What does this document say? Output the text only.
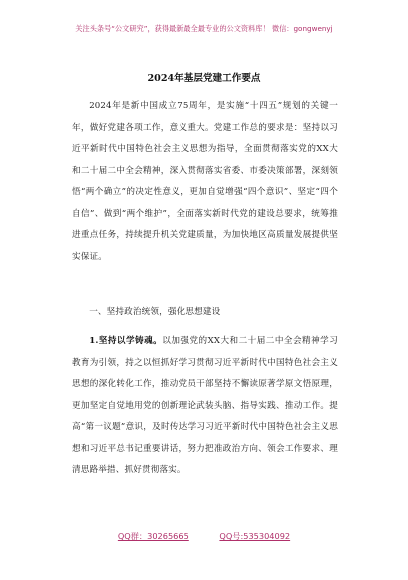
关注头条号“公文研究”，获得最新最全最专业的公文资料库！ 微信：gongwenyj
2024年基层党建工作要点

2024年是新中国成立75周年，是实施“十四五”规划的关键一年，做好党建各项工作，意义重大。党建工作总的要求是：坚持以习近平新时代中国特色社会主义思想为指导，全面贯彻落实党的XX大和二十届二中全会精神，深入贯彻落实省委、市委决策部署，深刻领悟“两个确立”的决定性意义，更加自觉增强“四个意识”、坚定“四个自信”、做到“两个维护”，全面落实新时代党的建设总要求，统筹推进重点任务，持续提升机关党建质量，为加快地区高质量发展提供坚实保证。

一、坚持政治统领，强化思想建设

1.坚持以学铸魂。以加强党的XX大和二十届二中全会精神学习教育为引领，持之以恒抓好学习贯彻习近平新时代中国特色社会主义思想的深化转化工作，推动党员干部坚持不懈读原著学原文悟原理，更加坚定自觉地用党的创新理论武装头脑、指导实践、推动工作。提高“第一议题”意识，及时传达学习习近平新时代中国特色社会主义思想和习近平总书记重要讲话，努力把准政治方向、领会工作要求、理清思路举措、抓好贯彻落实。

QQ群：30265665	QQ号:535304092
